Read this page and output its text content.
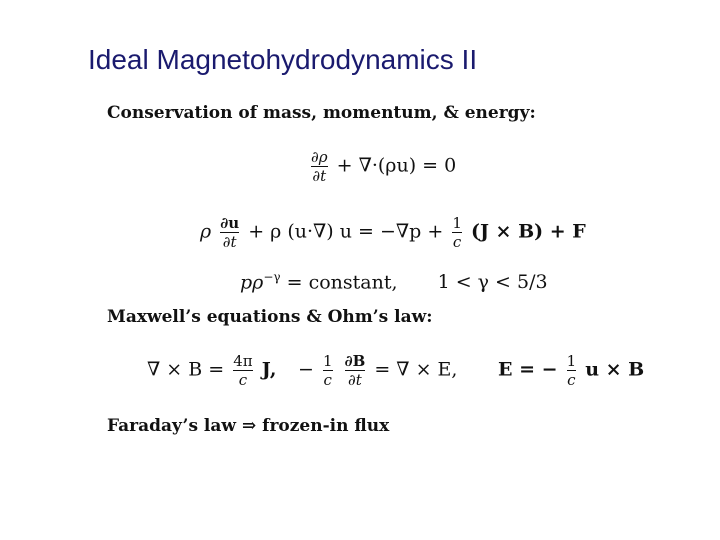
Ideal Magnetohydrodynamics II
Conservation of mass, momentum, & energy:
$\frac{\partial\rho}{\partial t} + \nabla\cdot(\rho u) = 0$
ρ $\frac{\partial u}{\partial t} + \rho$ (u·∇) $u = -\nabla p + \frac{1}{c} (J \times B) + F$
$p\rho^{-\gamma}$ = constant, 1 < γ < 5/3
Maxwell’s equations & Ohm’s law:
∇ × $B = \frac{4\pi}{c} J$, − $\frac{1}{c}$
$\frac{\partial B}{\partial t}$ = ∇ × E, E = − $\frac{1}{c}$ u × B
Faraday’s law ⇒ frozen-in flux
